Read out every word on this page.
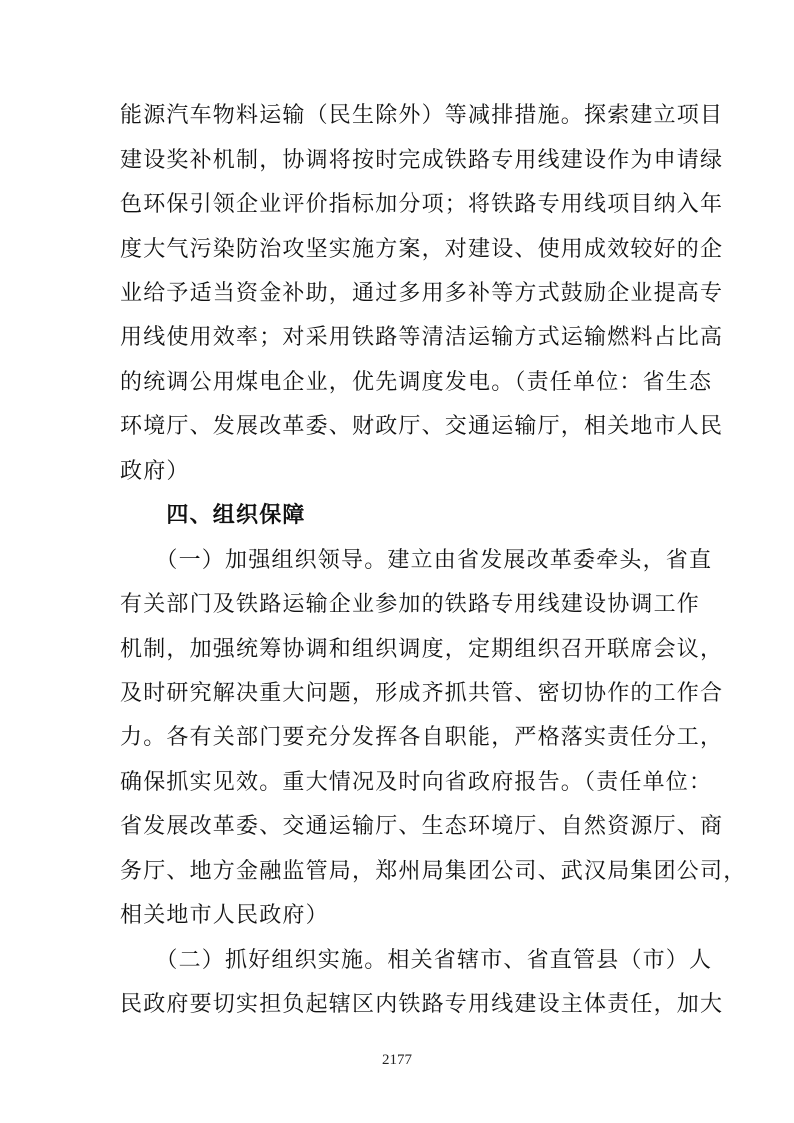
能源汽车物料运输（民生除外）等减排措施。探索建立项目
建设奖补机制，协调将按时完成铁路专用线建设作为申请绿
色环保引领企业评价指标加分项；将铁路专用线项目纳入年
度大气污染防治攻坚实施方案，对建设、使用成效较好的企
业给予适当资金补助，通过多用多补等方式鼓励企业提高专
用线使用效率；对采用铁路等清洁运输方式运输燃料占比高
的统调公用煤电企业，优先调度发电。（责任单位：省生态
环境厅、发展改革委、财政厅、交通运输厅，相关地市人民
政府）
　　四、组织保障
　　（一）加强组织领导。建立由省发展改革委牵头，省直
有关部门及铁路运输企业参加的铁路专用线建设协调工作
机制，加强统筹协调和组织调度，定期组织召开联席会议，
及时研究解决重大问题，形成齐抓共管、密切协作的工作合
力。各有关部门要充分发挥各自职能，严格落实责任分工，
确保抓实见效。重大情况及时向省政府报告。（责任单位：
省发展改革委、交通运输厅、生态环境厅、自然资源厅、商
务厅、地方金融监管局，郑州局集团公司、武汉局集团公司，
相关地市人民政府）
　　（二）抓好组织实施。相关省辖市、省直管县（市）人
民政府要切实担负起辖区内铁路专用线建设主体责任，加大
2177
